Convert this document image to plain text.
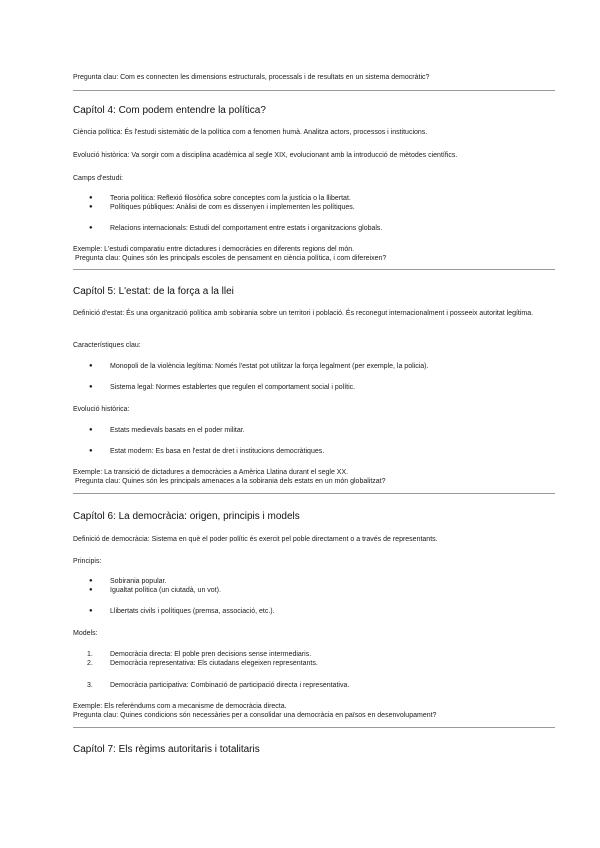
Pregunta clau: Com es connecten les dimensions estructurals, processals i de resultats en un sistema democràtic?

Capítol 4: Com podem entendre la política?

Ciència política: És l'estudi sistemàtic de la política com a fenomen humà. Analitza actors, processos i institucions.

Evolució històrica: Va sorgir com a disciplina acadèmica al segle XIX, evolucionant amb la introducció de mètodes científics.

Camps d'estudi:

● Teoria política: Reflexió filosòfica sobre conceptes com la justícia o la llibertat.
● Polítiques públiques: Anàlisi de com es dissenyen i implementen les polítiques.
● Relacions internacionals: Estudi del comportament entre estats i organitzacions globals.

Exemple: L'estudi comparatiu entre dictadures i democràcies en diferents regions del món.

Pregunta clau: Quines són les principals escoles de pensament en ciència política, i com difereixen?

Capítol 5: L'estat: de la força a la llei

Definició d'estat: És una organització política amb sobirania sobre un territori i població. És reconegut internacionalment i posseeix autoritat legítima.

Característiques clau:

● Monopoli de la violència legítima: Només l'estat pot utilitzar la força legalment (per exemple, la policia).
● Sistema legal: Normes establertes que regulen el comportament social i polític.

Evolució històrica:

● Estats medievals basats en el poder militar.
● Estat modern: Es basa en l'estat de dret i institucions democràtiques.

Exemple: La transició de dictadures a democràcies a Amèrica Llatina durant el segle XX.

Pregunta clau: Quines són les principals amenaces a la sobirania dels estats en un món globalitzat?

Capítol 6: La democràcia: origen, principis i models

Definició de democràcia: Sistema en què el poder polític és exercit pel poble directament o a través de representants.

Principis:

● Sobirania popular.
● Igualtat política (un ciutadà, un vot).
● Llibertats civils i polítiques (premsa, associació, etc.).

Models:

1. Democràcia directa: El poble pren decisions sense intermediaris.
2. Democràcia representativa: Els ciutadans elegeixen representants.
3. Democràcia participativa: Combinació de participació directa i representativa.

Exemple: Els referèndums com a mecanisme de democràcia directa.

Pregunta clau: Quines condicions són necessàries per a consolidar una democràcia en països en desenvolupament?

Capítol 7: Els règims autoritaris i totalitaris
